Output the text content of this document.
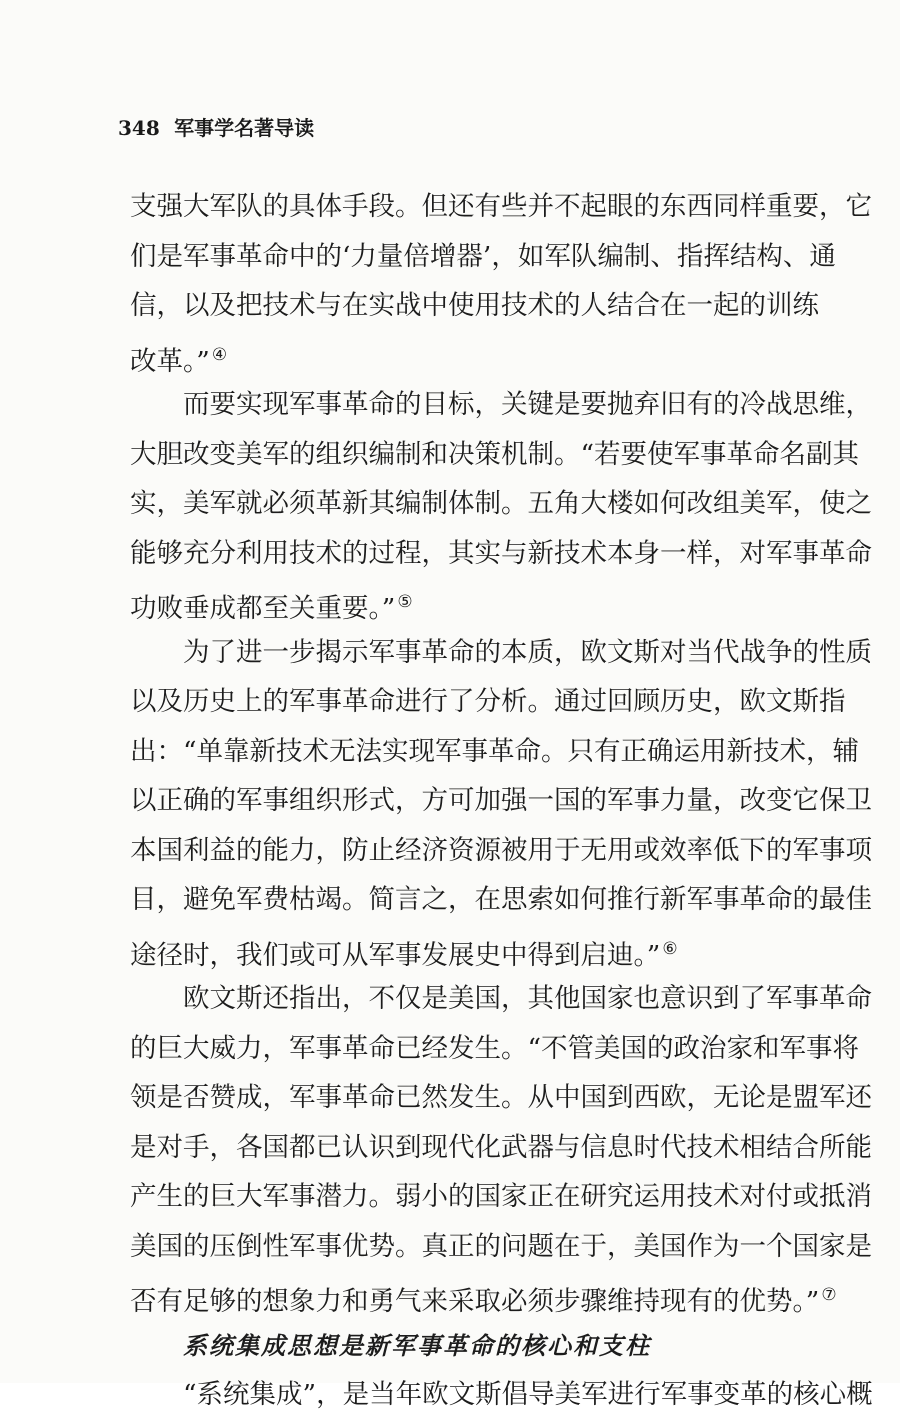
348 军事学名著导读
支强大军队的具体手段。但还有些并不起眼的东西同样重要，它
们是军事革命中的‘力量倍增器’，如军队编制、指挥结构、通
信，以及把技术与在实战中使用技术的人结合在一起的训练
改革。” ④
而要实现军事革命的目标，关键是要抛弃旧有的冷战思维，
大胆改变美军的组织编制和决策机制。“若要使军事革命名副其
实，美军就必须革新其编制体制。五角大楼如何改组美军，使之
能够充分利用技术的过程，其实与新技术本身一样，对军事革命
功败垂成都至关重要。” ⑤
为了进一步揭示军事革命的本质，欧文斯对当代战争的性质
以及历史上的军事革命进行了分析。通过回顾历史，欧文斯指
出：“单靠新技术无法实现军事革命。只有正确运用新技术，辅
以正确的军事组织形式，方可加强一国的军事力量，改变它保卫
本国利益的能力，防止经济资源被用于无用或效率低下的军事项
目，避免军费枯竭。简言之，在思索如何推行新军事革命的最佳
途径时，我们或可从军事发展史中得到启迪。” ⑥
欧文斯还指出，不仅是美国，其他国家也意识到了军事革命
的巨大威力，军事革命已经发生。“不管美国的政治家和军事将
领是否赞成，军事革命已然发生。从中国到西欧，无论是盟军还
是对手，各国都已认识到现代化武器与信息时代技术相结合所能
产生的巨大军事潜力。弱小的国家正在研究运用技术对付或抵消
美国的压倒性军事优势。真正的问题在于，美国作为一个国家是
否有足够的想象力和勇气来采取必须步骤维持现有的优势。” ⑦
系统集成思想是新军事革命的核心和支柱
“系统集成”，是当年欧文斯倡导美军进行军事变革的核心概
